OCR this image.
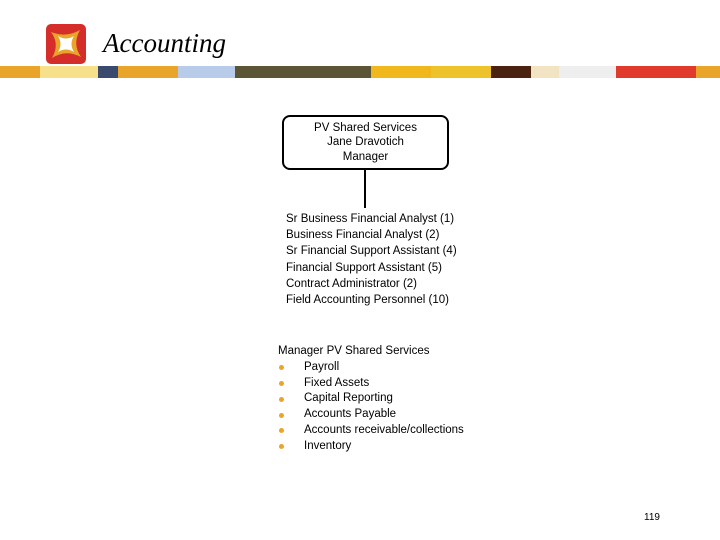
Accounting
PV Shared Services
Jane Dravotich
Manager
Sr Business Financial Analyst (1)
Business Financial Analyst (2)
Sr Financial Support Assistant (4)
Financial Support Assistant (5)
Contract Administrator (2)
Field Accounting Personnel (10)
Manager PV Shared Services
Payroll
Fixed Assets
Capital Reporting
Accounts Payable
Accounts receivable/collections
Inventory
119
